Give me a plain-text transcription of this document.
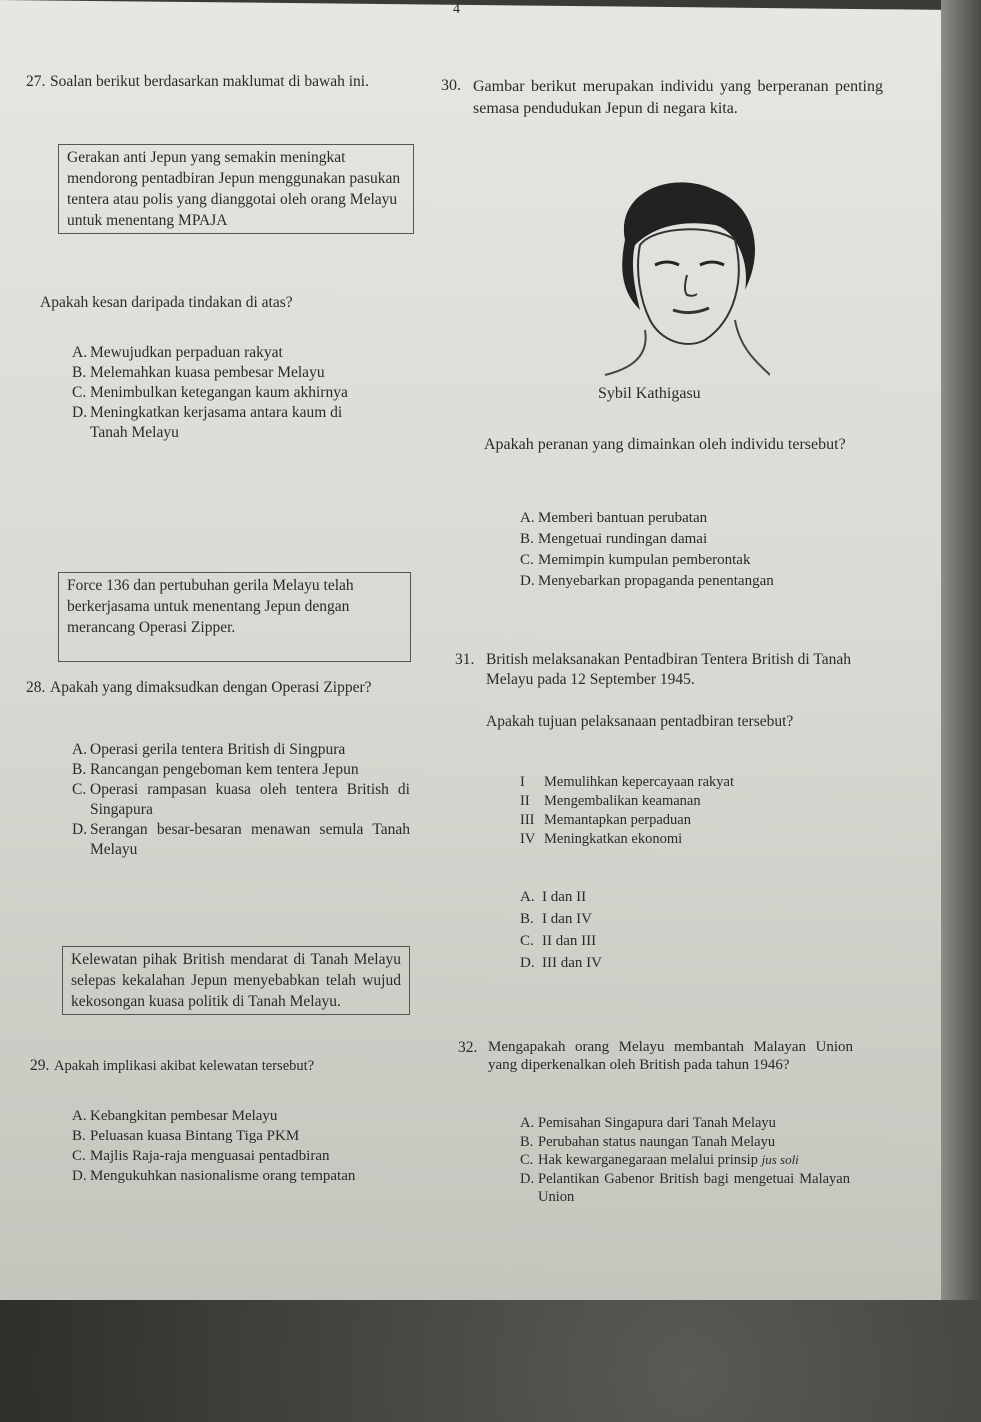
4
27. Soalan berikut berdasarkan maklumat di bawah ini.
Gerakan anti Jepun yang semakin meningkat mendorong pentadbiran Jepun menggunakan pasukan tentera atau polis yang dianggotai oleh orang Melayu untuk menentang MPAJA
Apakah kesan daripada tindakan di atas?
A. Mewujudkan perpaduan rakyat
B. Melemahkan kuasa pembesar Melayu
C. Menimbulkan ketegangan kaum akhirnya
D. Meningkatkan kerjasama antara kaum di Tanah Melayu
Force 136 dan pertubuhan gerila Melayu telah berkerjasama untuk menentang Jepun dengan merancang Operasi Zipper.
28. Apakah yang dimaksudkan dengan Operasi Zipper?
A. Operasi gerila tentera British di Singpura
B. Rancangan pengeboman kem tentera Jepun
C. Operasi rampasan kuasa oleh tentera British di Singapura
D. Serangan besar-besaran menawan semula Tanah Melayu
Kelewatan pihak British mendarat di Tanah Melayu selepas kekalahan Jepun menyebabkan telah wujud kekosongan kuasa politik di Tanah Melayu.
29. Apakah implikasi akibat kelewatan tersebut?
A. Kebangkitan pembesar Melayu
B. Peluasan kuasa Bintang Tiga PKM
C. Majlis Raja-raja menguasai pentadbiran
D. Mengukuhkan nasionalisme orang tempatan
30. Gambar berikut merupakan individu yang berperanan penting semasa pendudukan Jepun di negara kita.
Sybil Kathigasu
Apakah peranan yang dimainkan oleh individu tersebut?
A. Memberi bantuan perubatan
B. Mengetuai rundingan damai
C. Memimpin kumpulan pemberontak
D. Menyebarkan propaganda penentangan
31. British melaksanakan Pentadbiran Tentera British di Tanah Melayu pada 12 September 1945.
Apakah tujuan pelaksanaan pentadbiran tersebut?
I	Memulihkan kepercayaan rakyat
II Mengembalikan keamanan
III Memantapkan perpaduan
IV Meningkatkan ekonomi
A. I dan II
B. I dan IV
C. II dan III
D. III dan IV
32. Mengapakah orang Melayu membantah Malayan Union yang diperkenalkan oleh British pada tahun 1946?
A. Pemisahan Singapura dari Tanah Melayu
B. Perubahan status naungan Tanah Melayu
C. Hak kewarganegaraan melalui prinsip jus soli
D. Pelantikan Gabenor British bagi mengetuai Malayan Union
